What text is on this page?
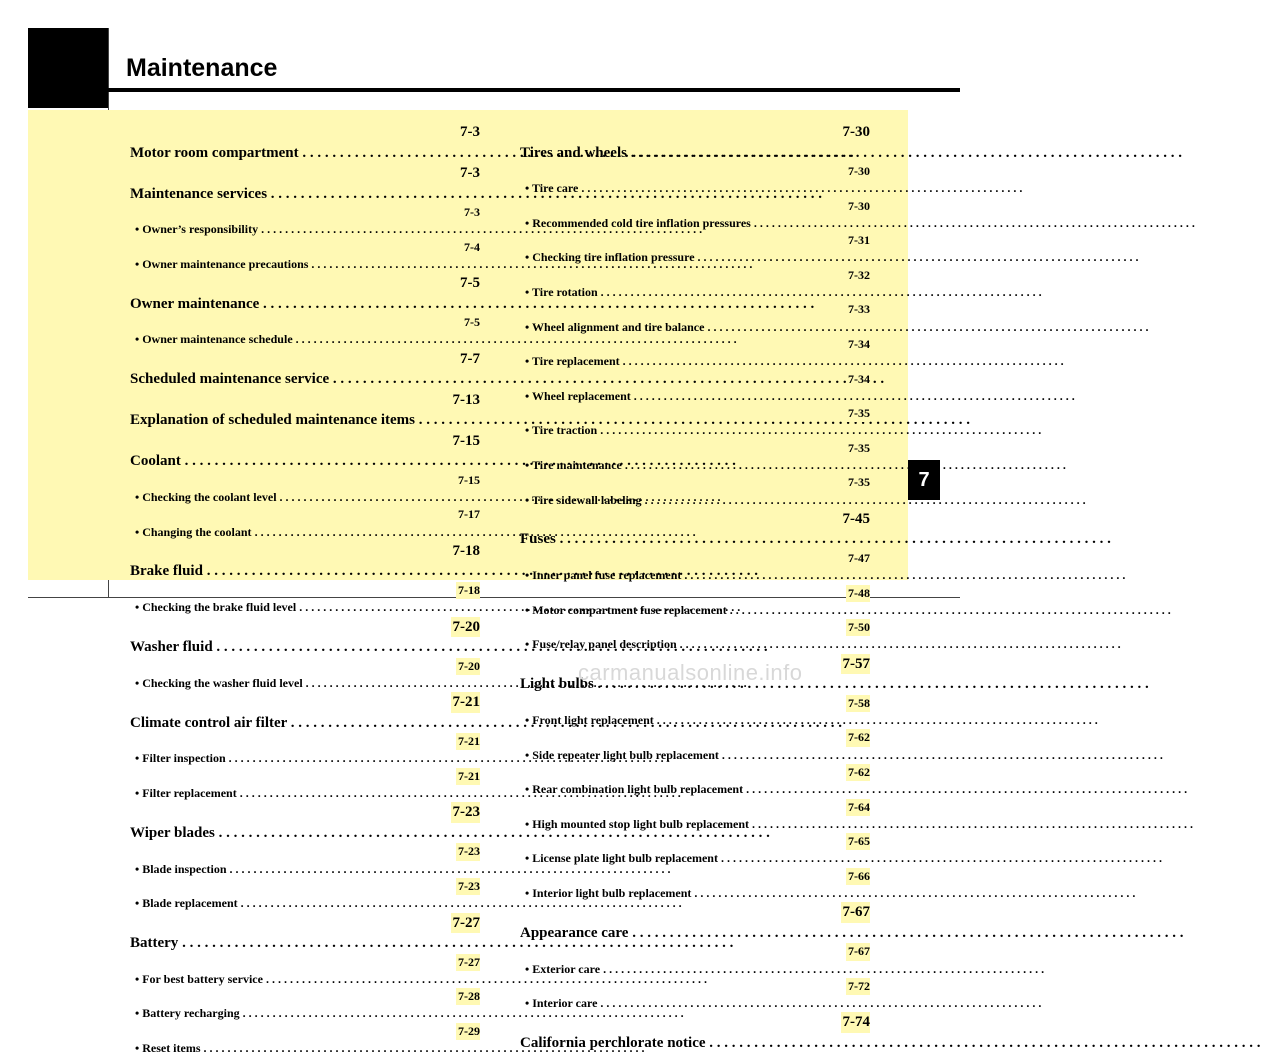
Maintenance
7-3
Motor room compartment . . .
7-3
Maintenance services . . .
7-3
• Owner’s responsibility . . .
7-4
• Owner maintenance precautions . . .
7-5
Owner maintenance . . .
7-5
• Owner maintenance schedule . . .
7-7
Scheduled maintenance service . . .
7-13
Explanation of scheduled maintenance items . . .
7-15
Coolant . . .
7-15
• Checking the coolant level . . .
7-17
• Changing the coolant . . .
7-18
Brake fluid . . .
7-18
• Checking the brake fluid level . . .
7-20
Washer fluid . . .
7-20
• Checking the washer fluid level . . .
7-21
Climate control air filter . . .
7-21
• Filter inspection . . .
7-21
• Filter replacement . . .
7-23
Wiper blades . . .
7-23
• Blade inspection . . .
7-23
• Blade replacement . . .
7-27
Battery . . .
7-27
• For best battery service . . .
7-28
• Battery recharging . . .
7-29
• Reset items . . .
7-30
Tires and wheels . . .
7-30
• Tire care . . .
7-30
• Recommended cold tire inflation pressures . . .
7-31
• Checking tire inflation pressure . . .
7-32
• Tire rotation . . .
7-33
• Wheel alignment and tire balance . . .
7-34
• Tire replacement . . .
7-34
• Wheel replacement . . .
7-35
• Tire traction . . .
7-35
• Tire maintenance . . .
7-35
• Tire sidewall labeling . . .
7-45
Fuses . . .
7-47
• Inner panel fuse replacement . . .
7-48
• Motor compartment fuse replacement . . .
7-50
• Fuse/relay panel description . . .
7-57
Light bulbs . . .
7-58
• Front light replacement . . .
7-62
• Side repeater light bulb replacement . . .
7-62
• Rear combination light bulb replacement . . .
7-64
• High mounted stop light bulb replacement . . .
7-65
• License plate light bulb replacement . . .
7-66
• Interior light bulb replacement . . .
7-67
Appearance care . . .
7-67
• Exterior care . . .
7-72
• Interior care . . .
7-74
California perchlorate notice . . .
7
carmanualsonline.info
